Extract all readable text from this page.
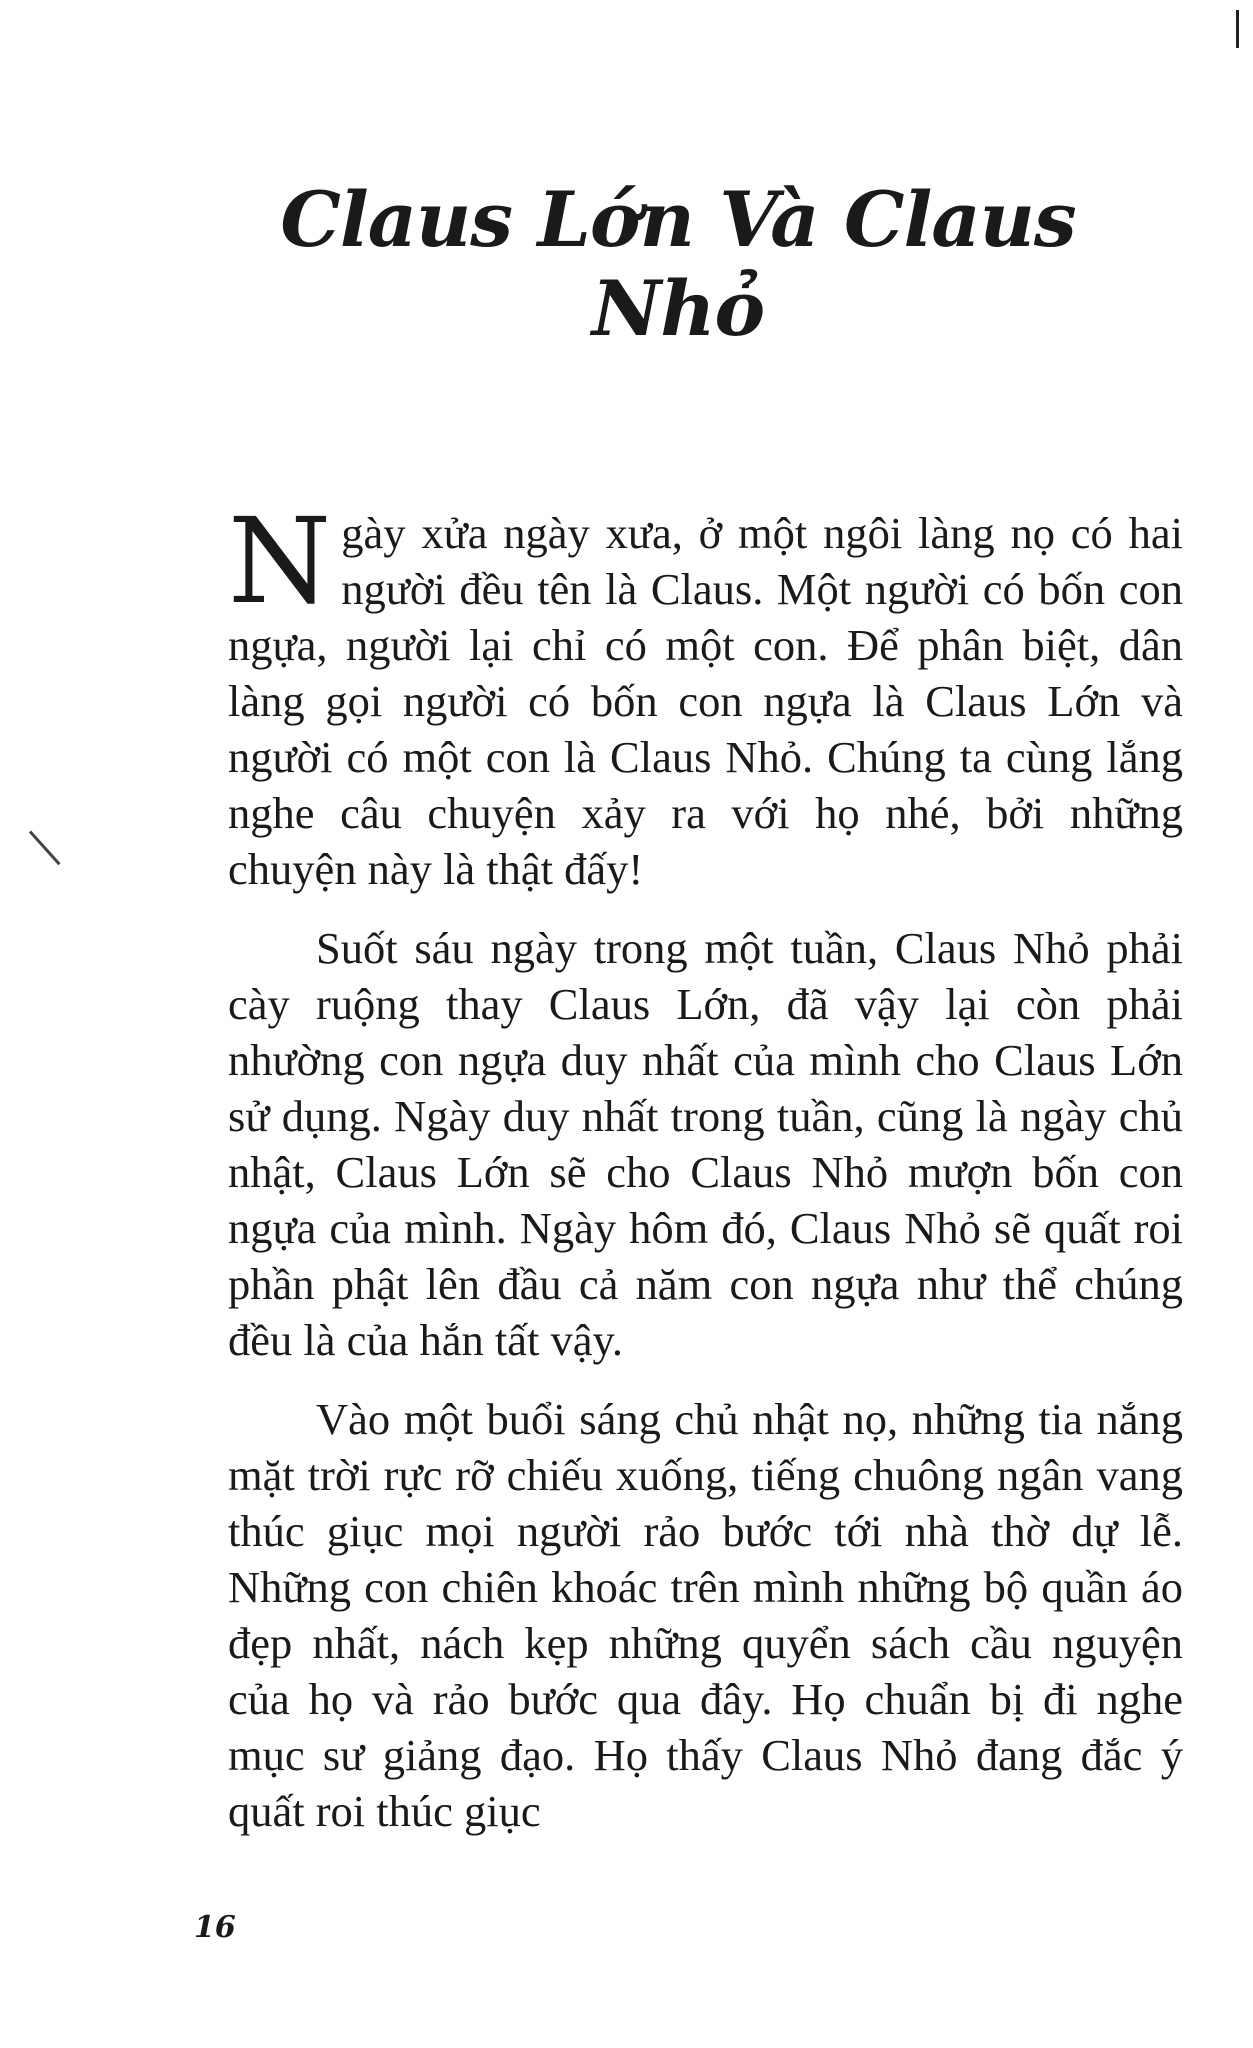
Claus Lớn Và Claus Nhỏ

Ngày xửa ngày xưa, ở một ngôi làng nọ có hai người đều tên là Claus. Một người có bốn con ngựa, người lại chỉ có một con. Để phân biệt, dân làng gọi người có bốn con ngựa là Claus Lớn và người có một con là Claus Nhỏ. Chúng ta cùng lắng nghe câu chuyện xảy ra với họ nhé, bởi những chuyện này là thật đấy!

Suốt sáu ngày trong một tuần, Claus Nhỏ phải cày ruộng thay Claus Lớn, đã vậy lại còn phải nhường con ngựa duy nhất của mình cho Claus Lớn sử dụng. Ngày duy nhất trong tuần, cũng là ngày chủ nhật, Claus Lớn sẽ cho Claus Nhỏ mượn bốn con ngựa của mình. Ngày hôm đó, Claus Nhỏ sẽ quất roi phần phật lên đầu cả năm con ngựa như thể chúng đều là của hắn tất vậy.

Vào một buổi sáng chủ nhật nọ, những tia nắng mặt trời rực rỡ chiếu xuống, tiếng chuông ngân vang thúc giục mọi người rảo bước tới nhà thờ dự lễ. Những con chiên khoác trên mình những bộ quần áo đẹp nhất, nách kẹp những quyển sách cầu nguyện của họ và rảo bước qua đây. Họ chuẩn bị đi nghe mục sư giảng đạo. Họ thấy Claus Nhỏ đang đắc ý quất roi thúc giục

16
